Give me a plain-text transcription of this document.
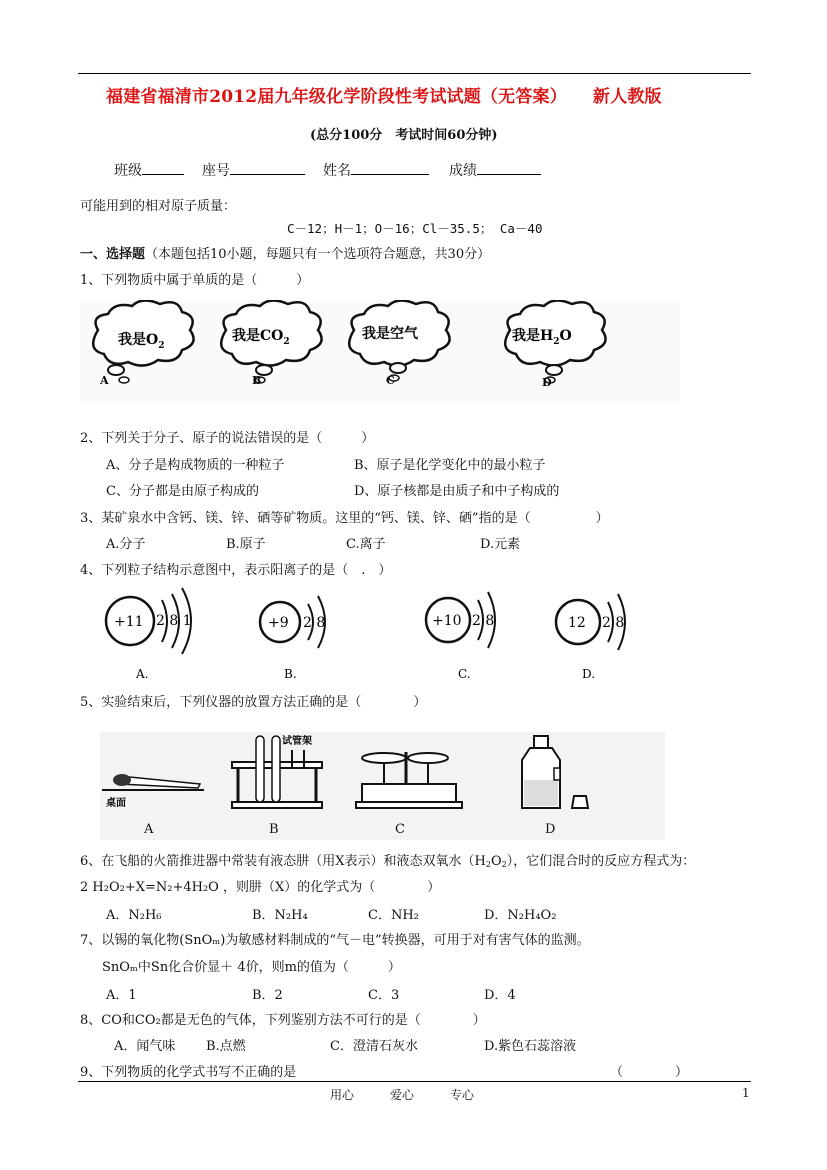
福建省福清市2012届九年级化学阶段性考试试题（无答案） 新人教版
(总分100分　考试时间60分钟)
班级	座号	姓名	成绩
可能用到的相对原子质量：
C－12；H－1；O－16；Cl－35.5； Ca－40
一、选择题（本题包括10小题，每题只有一个选项符合题意，共30分）
1、下列物质中属于单质的是（　　　）
我是$O_2$
A
我是$CO_2$
B
我是空气
C
我是$H_2O$
D
2、下列关于分子、原子的说法错误的是（　　　）
A、分子是构成物质的一种粒子	B、原子是化学变化中的最小粒子
C、分子都是由原子构成的	D、原子核都是由质子和中子构成的
3、某矿泉水中含钙、镁、锌、硒等矿物质。这里的“钙、镁、锌、硒”指的是（　　　　　）
A.分子	B.原子	C.离子	D.元素
4、下列粒子结构示意图中，表示阳离子的是（　.　）
+11 2 8 1
A.
+9 2 8
B.
+10 2 8
C.
12 2 8
D.
5、实验结束后，下列仪器的放置方法正确的是（　　　　）
桌面
试管架
A	B	C	D
6、在飞船的火箭推进器中常装有液态肼（用X表示）和液态双氧水$(H_2O_2)$，它们混合时的反应方程式为：
2 H₂O₂+X=N₂+4H₂O ，则肼（X）的化学式为（　　　　）
A．N₂H₆	B．N₂H₄	C．NH₂	D．N₂H₄O₂
7、以锡的氧化物(SnOₘ)为敏感材料制成的“气－电”转换器，可用于对有害气体的监测。
SnOₘ中Sn化合价显＋ 4价，则m的值为（　　　）
A．1	B．2	C．3	D．4
8、CO和CO₂都是无色的气体，下列鉴别方法不可行的是（　　　　）
A．闻气味 B.点燃	C．澄清石灰水	D.紫色石蕊溶液
9、下列物质的化学式书写不正确的是	（　　　　）
用心　　　爱心　　　专心	1
